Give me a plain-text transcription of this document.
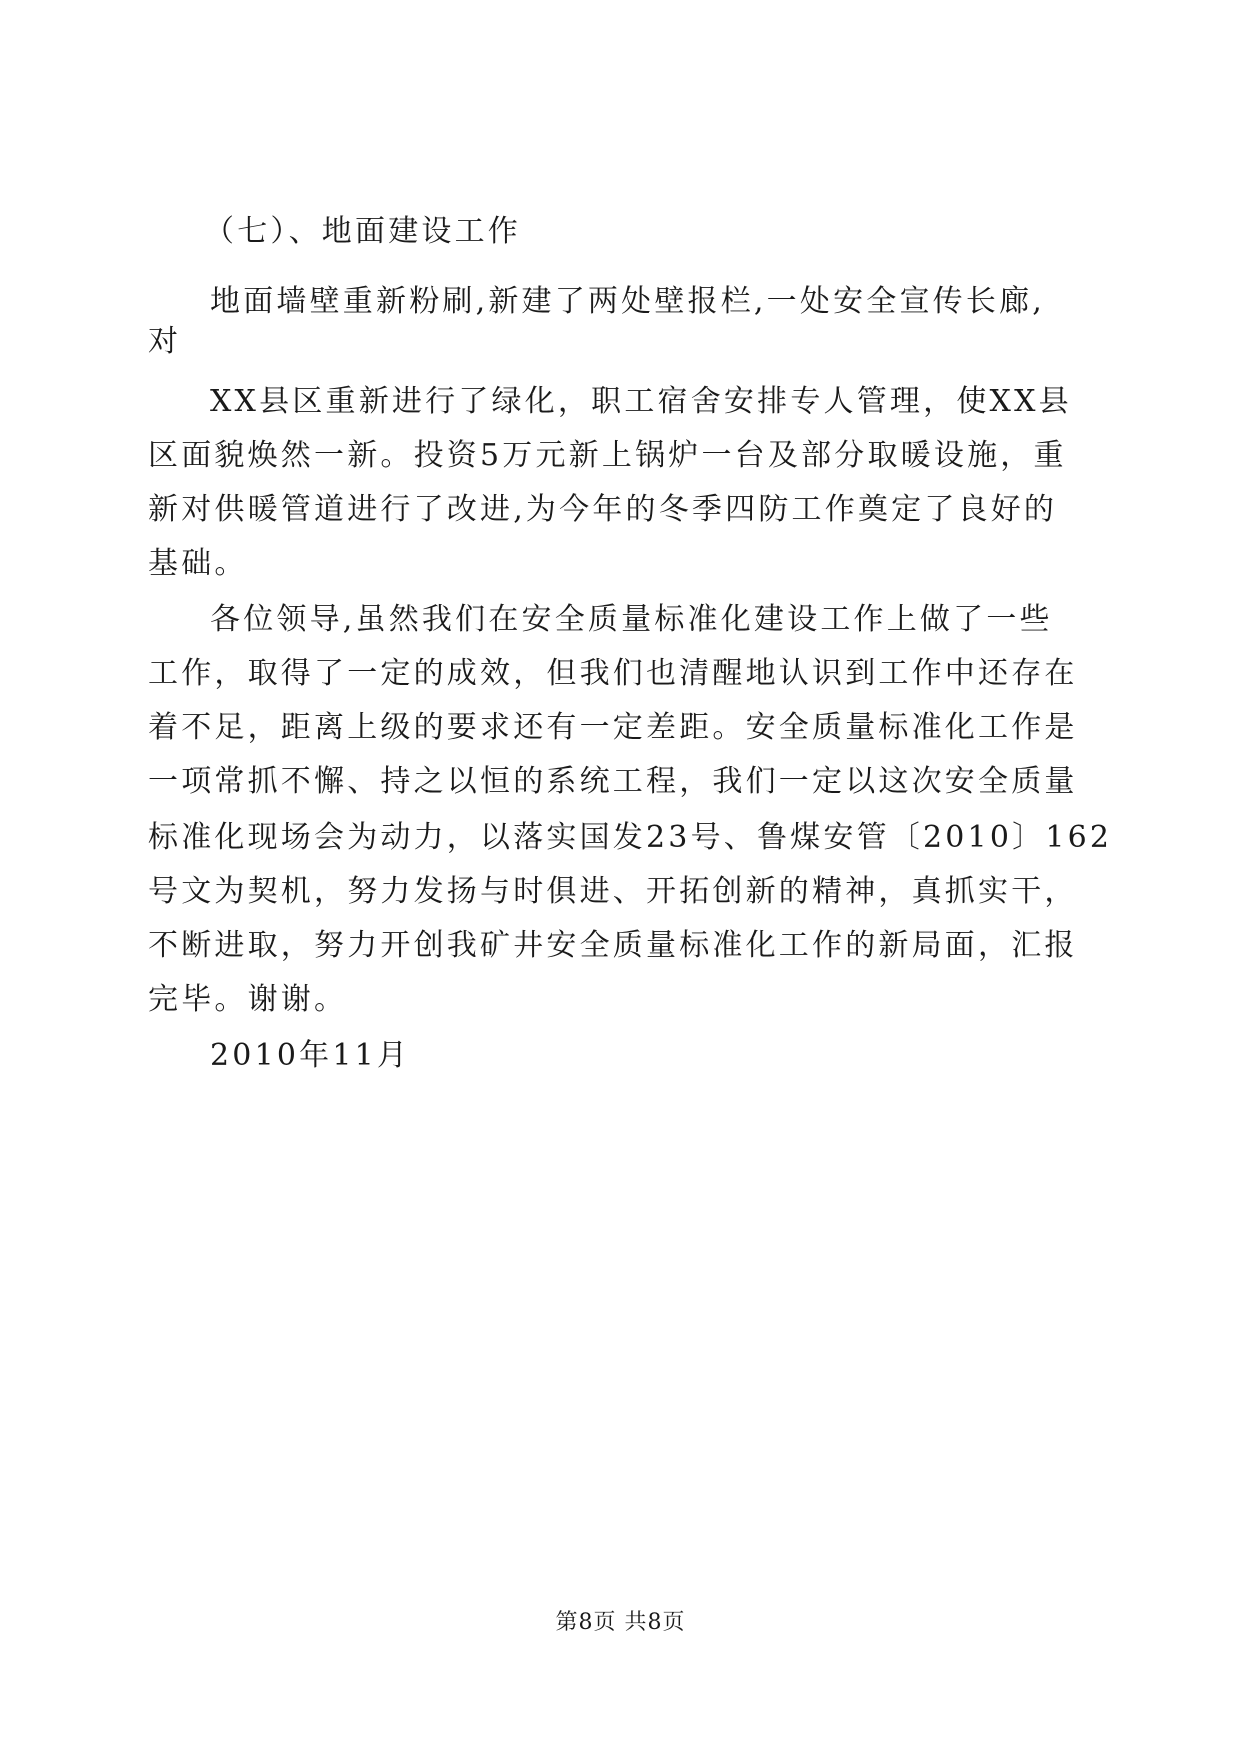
（七）、地面建设工作
地面墙壁重新粉刷,新建了两处壁报栏,一处安全宣传长廊,
对
XX县区重新进行了绿化，职工宿舍安排专人管理，使XX县
区面貌焕然一新。投资5万元新上锅炉一台及部分取暖设施，重
新对供暖管道进行了改进,为今年的冬季四防工作奠定了良好的
基础。
各位领导,虽然我们在安全质量标准化建设工作上做了一些
工作，取得了一定的成效，但我们也清醒地认识到工作中还存在
着不足，距离上级的要求还有一定差距。安全质量标准化工作是
一项常抓不懈、持之以恒的系统工程，我们一定以这次安全质量
标准化现场会为动力，以落实国发23号、鲁煤安管〔2010〕162
号文为契机，努力发扬与时俱进、开拓创新的精神，真抓实干，
不断进取，努力开创我矿井安全质量标准化工作的新局面，汇报
完毕。谢谢。
2010年11月
第8页 共8页
